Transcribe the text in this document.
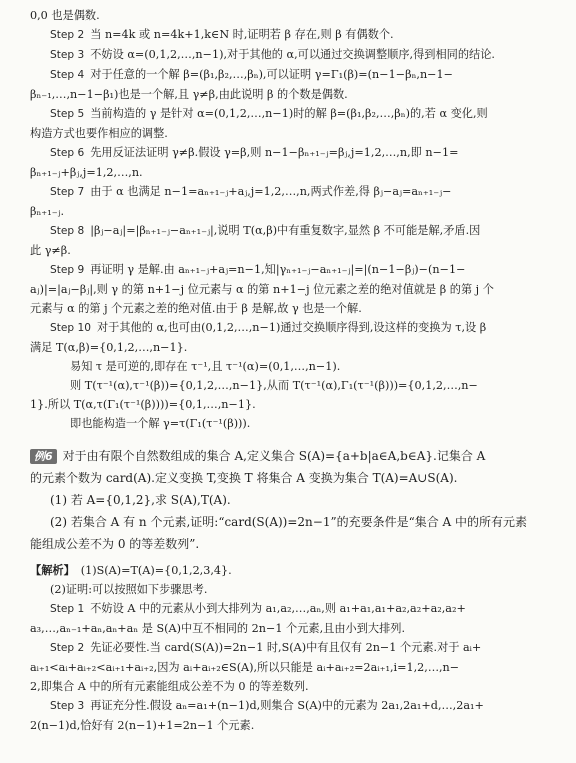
0,0 也是偶数.

Step 2 当 n=4k 或 n=4k+1,k∈N 时,证明若 β 存在,则 β 有偶数个.

Step 3 不妨设 α=(0,1,2,…,n−1),对于其他的 α,可以通过交换调整顺序,得到相同的结论.

Step 4 对于任意的一个解 β=(β₁,β₂,…,βₙ),可以证明 γ=Γ₁(β)=(n−1−βₙ,n−1−

βₙ₋₁,…,n−1−β₁)也是一个解,且 γ≠β,由此说明 β 的个数是偶数.

Step 5 当前构造的 γ 是针对 α=(0,1,2,…,n−1)时的解 β=(β₁,β₂,…,βₙ)的,若 α 变化,则

构造方式也要作相应的调整.

Step 6 先用反证法证明 γ≠β.假设 γ=β,则 n−1−βₙ₊₁₋ⱼ=βⱼ,j=1,2,…,n,即 n−1=

βₙ₊₁₋ⱼ+βⱼ,j=1,2,…,n.

Step 7 由于 α 也满足 n−1=aₙ₊₁₋ⱼ+aⱼ,j=1,2,…,n,两式作差,得 βⱼ−aⱼ=aₙ₊₁₋ⱼ−

βₙ₊₁₋ⱼ.

Step 8 |βⱼ−aⱼ|=|βₙ₊₁₋ⱼ−aₙ₊₁₋ⱼ|,说明 T(α,β)中有重复数字,显然 β 不可能是解,矛盾.因

此 γ≠β.

Step 9 再证明 γ 是解.由 aₙ₊₁₋ⱼ+aⱼ=n−1,知|γₙ₊₁₋ⱼ−aₙ₊₁₋ⱼ|=|(n−1−βⱼ)−(n−1−

aⱼ)|=|aⱼ−βⱼ|,则 γ 的第 n+1−j 位元素与 α 的第 n+1−j 位元素之差的绝对值就是 β 的第 j 个

元素与 α 的第 j 个元素之差的绝对值.由于 β 是解,故 γ 也是一个解.

Step 10 对于其他的 α,也可由(0,1,2,…,n−1)通过交换顺序得到,设这样的变换为 τ,设 β

满足 T(α,β)={0,1,2,…,n−1}.

易知 τ 是可逆的,即存在 τ⁻¹,且 τ⁻¹(α)=(0,1,…,n−1).

则 T(τ⁻¹(α),τ⁻¹(β))={0,1,2,…,n−1},从而 T(τ⁻¹(α),Γ₁(τ⁻¹(β)))={0,1,2,…,n−

1}.所以 T(α,τ(Γ₁(τ⁻¹(β))))={0,1,…,n−1}.

即也能构造一个解 γ=τ(Γ₁(τ⁻¹(β))).

例6 对于由有限个自然数组成的集合 A,定义集合 S(A)={a+b|a∈A,b∈A}.记集合 A

的元素个数为 card(A).定义变换 T,变换 T 将集合 A 变换为集合 T(A)=A∪S(A).

(1) 若 A={0,1,2},求 S(A),T(A).

(2) 若集合 A 有 n 个元素,证明:“card(S(A))=2n−1”的充要条件是“集合 A 中的所有元素

能组成公差不为 0 的等差数列”.

【解析】 (1)S(A)=T(A)={0,1,2,3,4}.

(2)证明:可以按照如下步骤思考.

Step 1 不妨设 A 中的元素从小到大排列为 a₁,a₂,…,aₙ,则 a₁+a₁,a₁+a₂,a₂+a₂,a₂+

a₃,…,aₙ₋₁+aₙ,aₙ+aₙ 是 S(A)中互不相同的 2n−1 个元素,且由小到大排列.

Step 2 先证必要性.当 card(S(A))=2n−1 时,S(A)中有且仅有 2n−1 个元素.对于 aᵢ+

aᵢ₊₁<aᵢ+aᵢ₊₂<aᵢ₊₁+aᵢ₊₂,因为 aᵢ+aᵢ₊₂∈S(A),所以只能是 aᵢ+aᵢ₊₂=2aᵢ₊₁,i=1,2,…,n−

2,即集合 A 中的所有元素能组成公差不为 0 的等差数列.

Step 3 再证充分性.假设 aₙ=a₁+(n−1)d,则集合 S(A)中的元素为 2a₁,2a₁+d,…,2a₁+

2(n−1)d,恰好有 2(n−1)+1=2n−1 个元素.
